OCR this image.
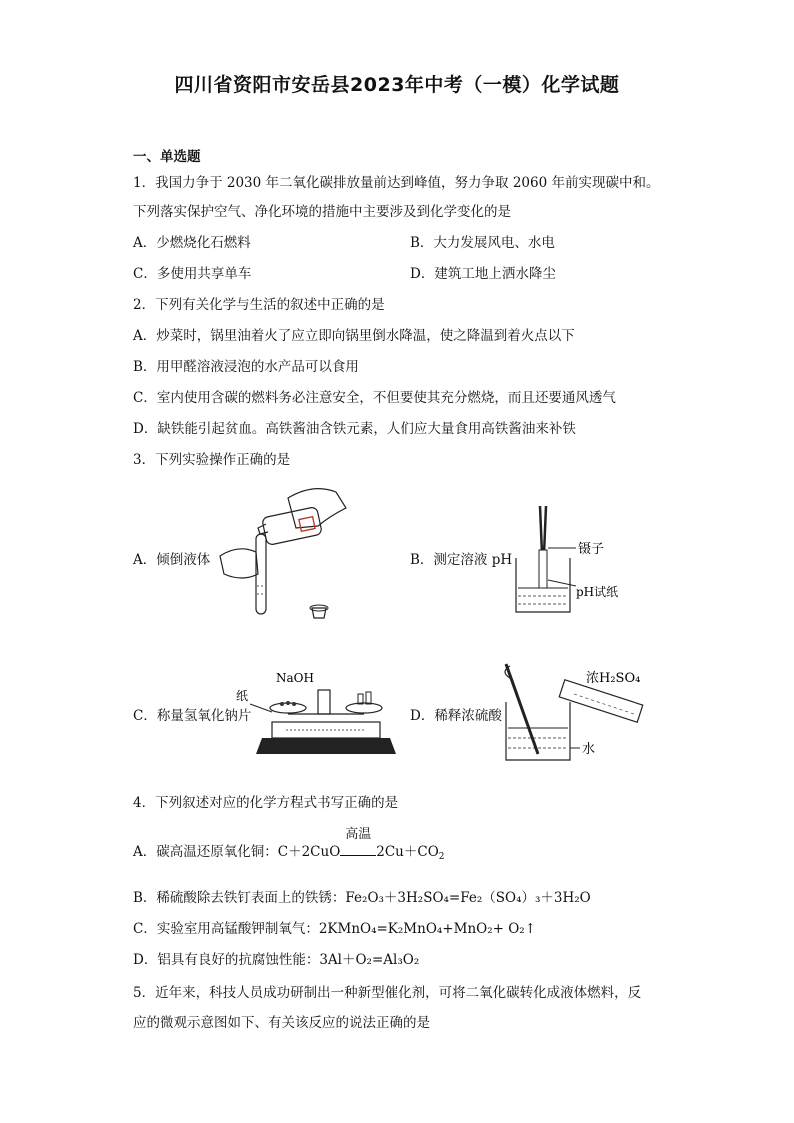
四川省资阳市安岳县2023年中考（一模）化学试题
一、单选题
1．我国力争于 2030 年二氧化碳排放量前达到峰值，努力争取 2060 年前实现碳中和。
下列落实保护空气、净化环境的措施中主要涉及到化学变化的是
A．少燃烧化石燃料	B．大力发展风电、水电
C．多使用共享单车	D．建筑工地上洒水降尘
2．下列有关化学与生活的叙述中正确的是
A．炒菜时，锅里油着火了应立即向锅里倒水降温，使之降温到着火点以下
B．用甲醛溶液浸泡的水产品可以食用
C．室内使用含碳的燃料务必注意安全，不但要使其充分燃烧，而且还要通风透气
D．缺铁能引起贫血。高铁酱油含铁元素，人们应大量食用高铁酱油来补铁
3．下列实验操作正确的是
A．倾倒液体	B．测定溶液 pH
镊子
pH试纸
C．称量氢氧化钠片
NaOH
纸
D．稀释浓硫酸
水
浓H₂SO₄
4．下列叙述对应的化学方程式书写正确的是
A．碳高温还原氧化铜：C＋2CuO
高温
$2Cu+CO_2$
B．稀硫酸除去铁钉表面上的铁锈：Fe₂O₃＋3H₂SO₄=Fe₂（SO₄）₃＋3H₂O
C．实验室用高锰酸钾制氧气：2KMnO₄=K₂MnO₄+MnO₂+ O₂↑
D．铝具有良好的抗腐蚀性能：3Al＋O₂=Al₃O₂
5．近年来，科技人员成功研制出一种新型催化剂，可将二氧化碳转化成液体燃料，反
应的微观示意图如下、有关该反应的说法正确的是
